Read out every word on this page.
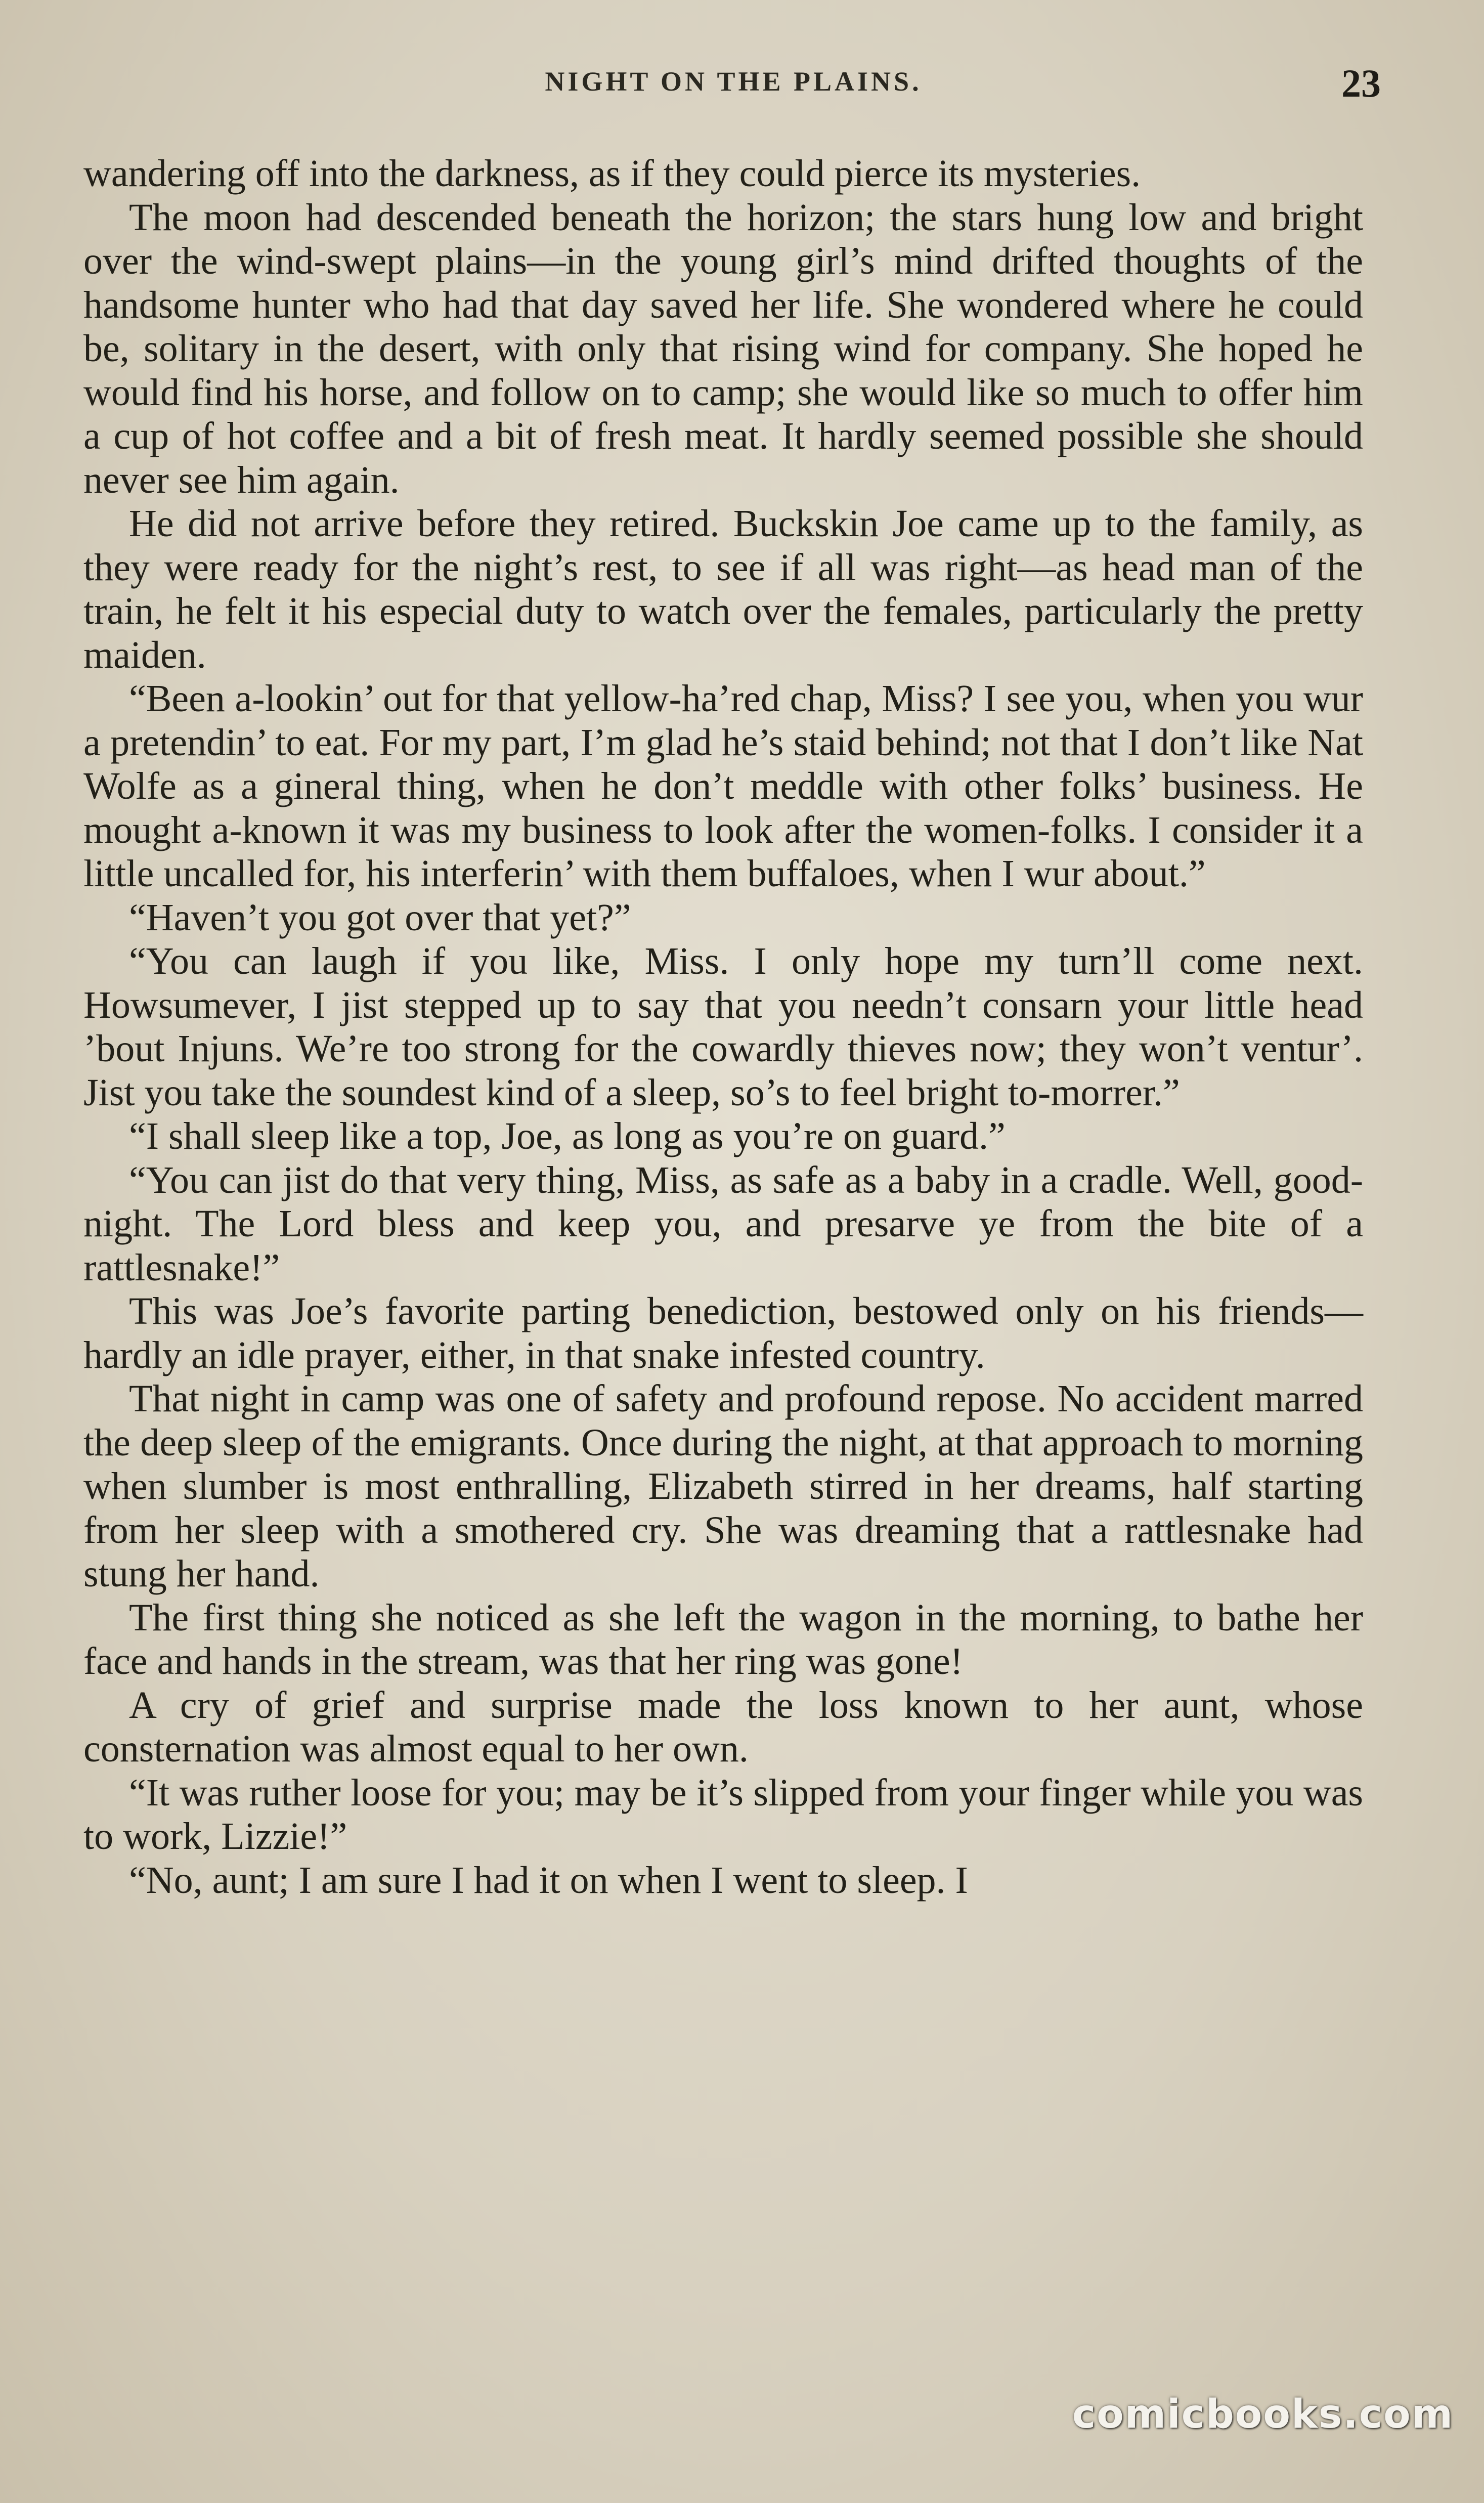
NIGHT ON THE PLAINS.	23

wandering off into the darkness, as if they could pierce its mysteries.

The moon had descended beneath the horizon; the stars hung low and bright over the wind-swept plains—in the young girl’s mind drifted thoughts of the handsome hunter who had that day saved her life. She wondered where he could be, solitary in the desert, with only that rising wind for company. She hoped he would find his horse, and follow on to camp; she would like so much to offer him a cup of hot coffee and a bit of fresh meat. It hardly seemed possible she should never see him again.

He did not arrive before they retired. Buckskin Joe came up to the family, as they were ready for the night’s rest, to see if all was right—as head man of the train, he felt it his especial duty to watch over the females, particularly the pretty maiden.

“Been a-lookin’ out for that yellow-ha’red chap, Miss? I see you, when you wur a pretendin’ to eat. For my part, I’m glad he’s staid behind; not that I don’t like Nat Wolfe as a gineral thing, when he don’t meddle with other folks’ business. He mought a-known it was my business to look after the women-folks. I consider it a little uncalled for, his interferin’ with them buffaloes, when I wur about.”

“Haven’t you got over that yet?”

“You can laugh if you like, Miss. I only hope my turn’ll come next. Howsumever, I jist stepped up to say that you needn’t consarn your little head ’bout Injuns. We’re too strong for the cowardly thieves now; they won’t ventur’. Jist you take the soundest kind of a sleep, so’s to feel bright to-morrer.”

“I shall sleep like a top, Joe, as long as you’re on guard.”

“You can jist do that very thing, Miss, as safe as a baby in a cradle. Well, good-night. The Lord bless and keep you, and presarve ye from the bite of a rattlesnake!”

This was Joe’s favorite parting benediction, bestowed only on his friends—hardly an idle prayer, either, in that snake infested country.

That night in camp was one of safety and profound repose. No accident marred the deep sleep of the emigrants. Once during the night, at that approach to morning when slumber is most enthralling, Elizabeth stirred in her dreams, half starting from her sleep with a smothered cry. She was dreaming that a rattlesnake had stung her hand.

The first thing she noticed as she left the wagon in the morning, to bathe her face and hands in the stream, was that her ring was gone!

A cry of grief and surprise made the loss known to her aunt, whose consternation was almost equal to her own.

“It was ruther loose for you; may be it’s slipped from your finger while you was to work, Lizzie!”

“No, aunt; I am sure I had it on when I went to sleep. I

comicbooks.com
